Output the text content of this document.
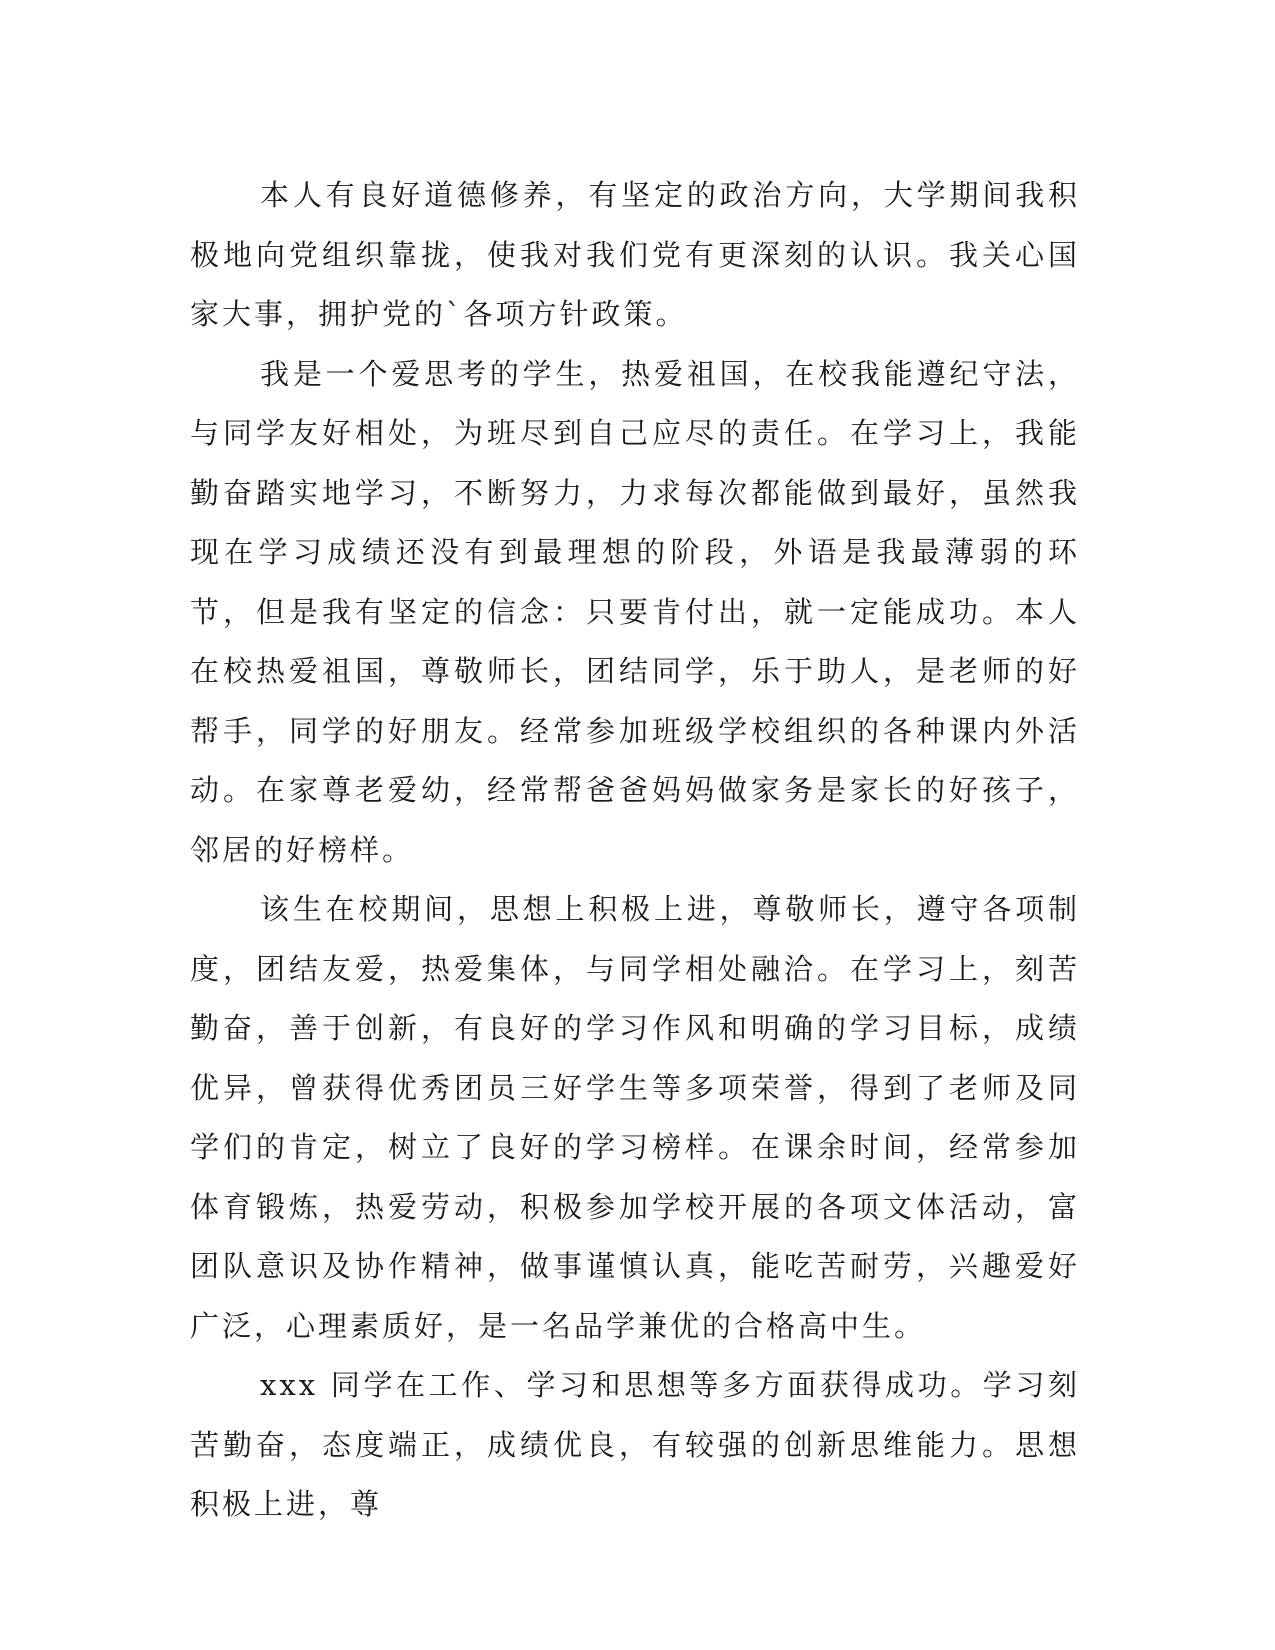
本人有良好道德修养，有坚定的政治方向，大学期间我积极地向党组织靠拢，使我对我们党有更深刻的认识。我关心国家大事，拥护党的`各项方针政策。

我是一个爱思考的学生，热爱祖国，在校我能遵纪守法，与同学友好相处，为班尽到自己应尽的责任。在学习上，我能勤奋踏实地学习，不断努力，力求每次都能做到最好，虽然我现在学习成绩还没有到最理想的阶段，外语是我最薄弱的环节，但是我有坚定的信念：只要肯付出，就一定能成功。本人在校热爱祖国，尊敬师长，团结同学，乐于助人，是老师的好帮手，同学的好朋友。经常参加班级学校组织的各种课内外活动。在家尊老爱幼，经常帮爸爸妈妈做家务是家长的好孩子，邻居的好榜样。

该生在校期间，思想上积极上进，尊敬师长，遵守各项制度，团结友爱，热爱集体，与同学相处融洽。在学习上，刻苦勤奋，善于创新，有良好的学习作风和明确的学习目标，成绩优异，曾获得优秀团员三好学生等多项荣誉，得到了老师及同学们的肯定，树立了良好的学习榜样。在课余时间，经常参加体育锻炼，热爱劳动，积极参加学校开展的各项文体活动，富团队意识及协作精神，做事谨慎认真，能吃苦耐劳，兴趣爱好广泛，心理素质好，是一名品学兼优的合格高中生。

xxx 同学在工作、学习和思想等多方面获得成功。学习刻苦勤奋，态度端正，成绩优良，有较强的创新思维能力。思想积极上进，尊
